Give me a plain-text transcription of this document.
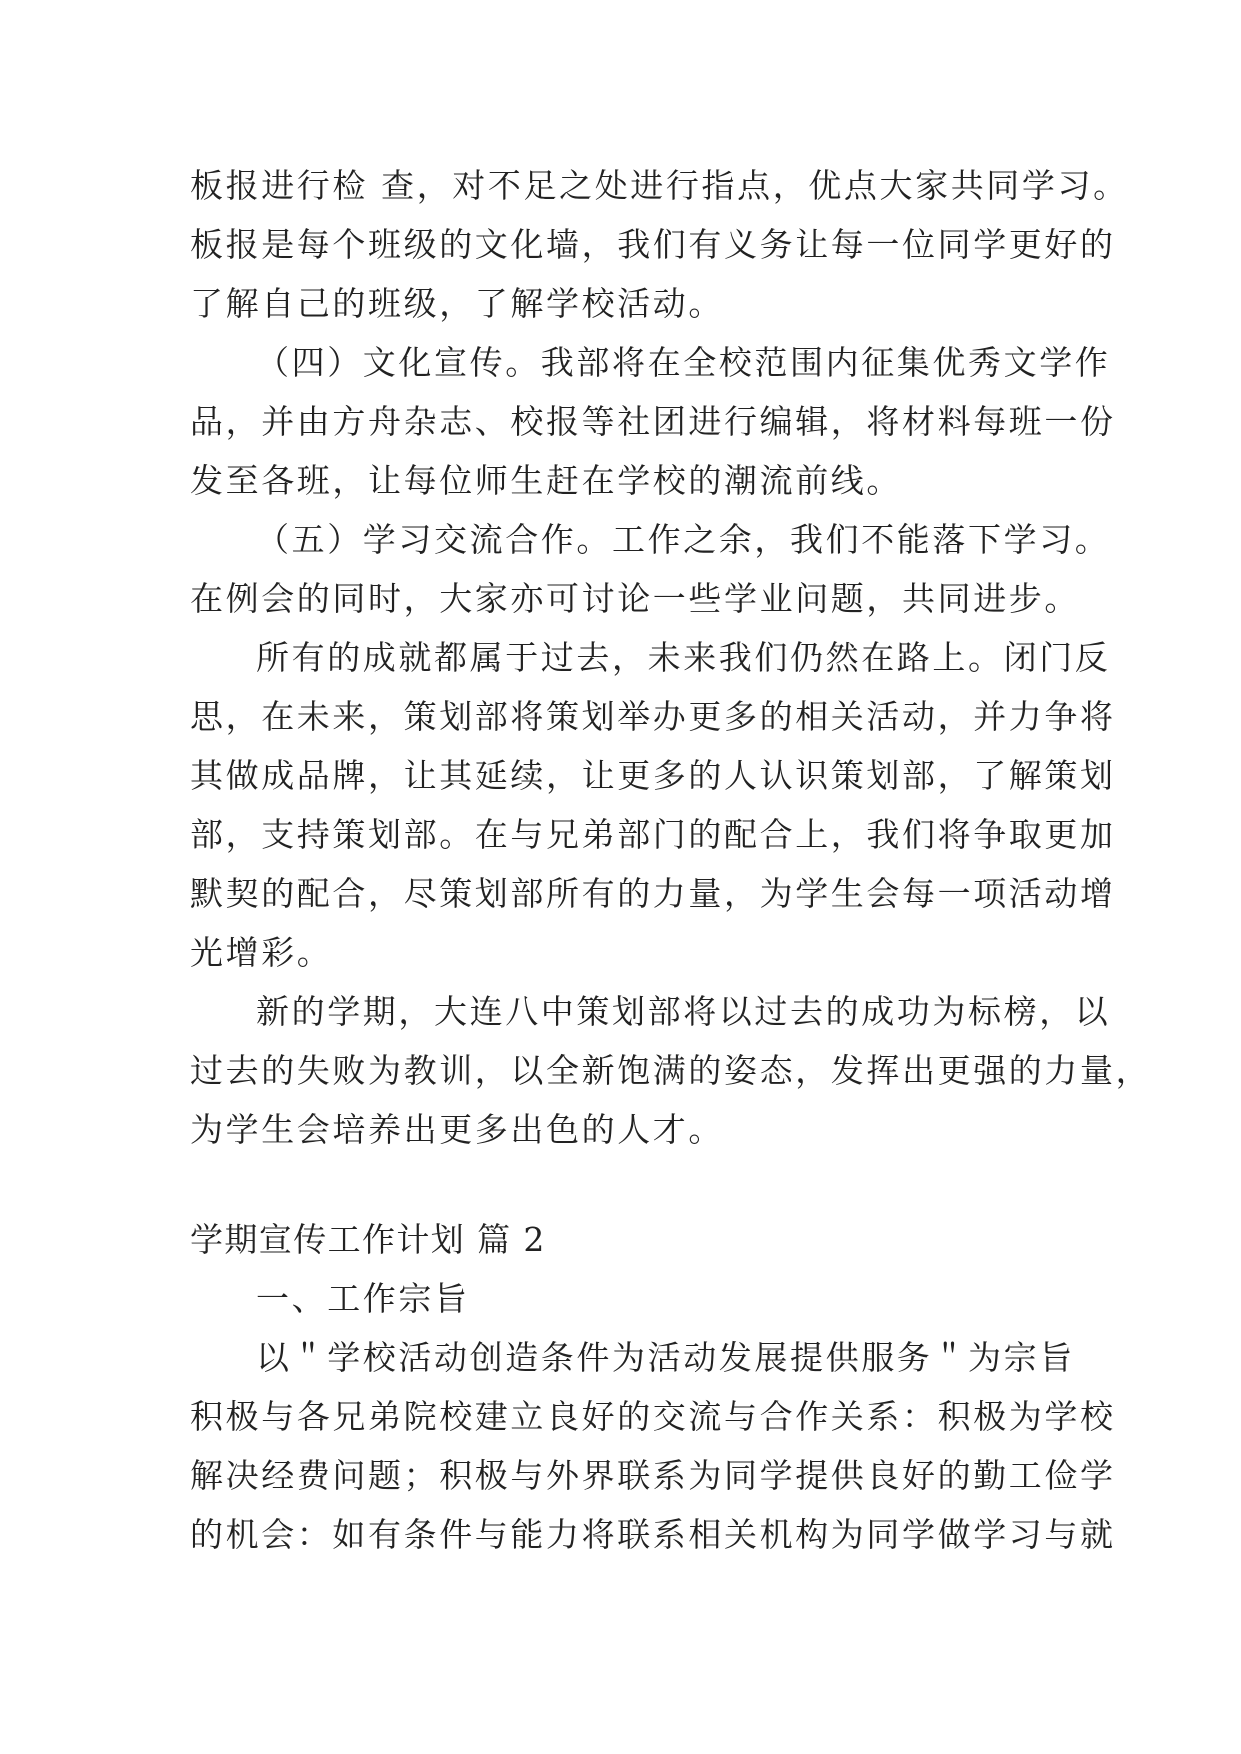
板报进行检 查，对不足之处进行指点，优点大家共同学习。
板报是每个班级的文化墙，我们有义务让每一位同学更好的
了解自己的班级，了解学校活动。
（四）文化宣传。我部将在全校范围内征集优秀文学作
品，并由方舟杂志、校报等社团进行编辑，将材料每班一份
发至各班，让每位师生赶在学校的潮流前线。
（五）学习交流合作。工作之余，我们不能落下学习。
在例会的同时，大家亦可讨论一些学业问题，共同进步。
所有的成就都属于过去，未来我们仍然在路上。闭门反
思，在未来，策划部将策划举办更多的相关活动，并力争将
其做成品牌，让其延续，让更多的人认识策划部，了解策划
部，支持策划部。在与兄弟部门的配合上，我们将争取更加
默契的配合，尽策划部所有的力量，为学生会每一项活动增
光增彩。
新的学期，大连八中策划部将以过去的成功为标榜，以
过去的失败为教训，以全新饱满的姿态，发挥出更强的力量，
为学生会培养出更多出色的人才。
学期宣传工作计划 篇 2
一、工作宗旨
以＂学校活动创造条件为活动发展提供服务＂为宗旨
积极与各兄弟院校建立良好的交流与合作关系：积极为学校
解决经费问题；积极与外界联系为同学提供良好的勤工俭学
的机会：如有条件与能力将联系相关机构为同学做学习与就
